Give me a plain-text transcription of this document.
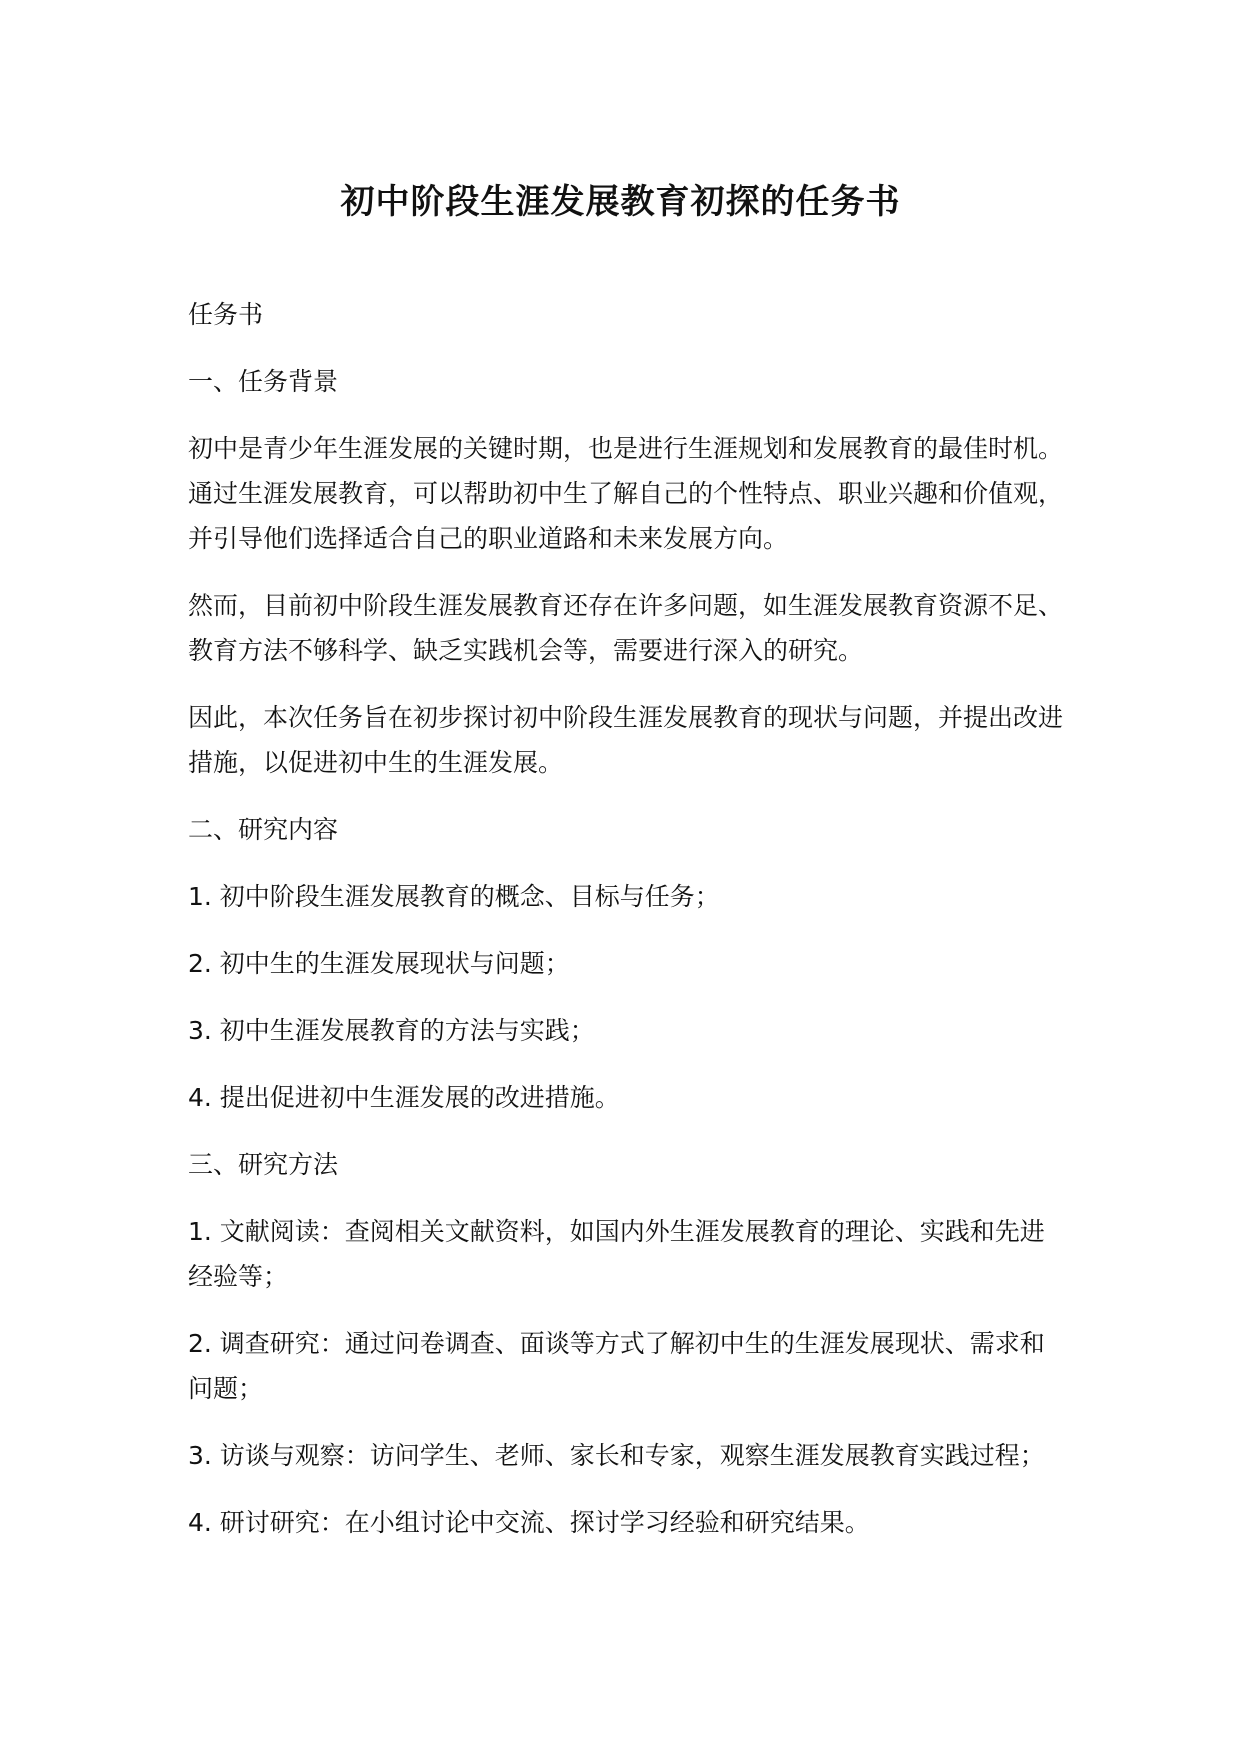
初中阶段生涯发展教育初探的任务书

任务书

一、任务背景

初中是青少年生涯发展的关键时期，也是进行生涯规划和发展教育的最佳时机。通过生涯发展教育，可以帮助初中生了解自己的个性特点、职业兴趣和价值观，并引导他们选择适合自己的职业道路和未来发展方向。

然而，目前初中阶段生涯发展教育还存在许多问题，如生涯发展教育资源不足、教育方法不够科学、缺乏实践机会等，需要进行深入的研究。

因此，本次任务旨在初步探讨初中阶段生涯发展教育的现状与问题，并提出改进措施，以促进初中生的生涯发展。

二、研究内容

1. 初中阶段生涯发展教育的概念、目标与任务；

2. 初中生的生涯发展现状与问题；

3. 初中生涯发展教育的方法与实践；

4. 提出促进初中生涯发展的改进措施。

三、研究方法

1. 文献阅读：查阅相关文献资料，如国内外生涯发展教育的理论、实践和先进经验等；

2. 调查研究：通过问卷调查、面谈等方式了解初中生的生涯发展现状、需求和问题；

3. 访谈与观察：访问学生、老师、家长和专家，观察生涯发展教育实践过程；

4. 研讨研究：在小组讨论中交流、探讨学习经验和研究结果。
